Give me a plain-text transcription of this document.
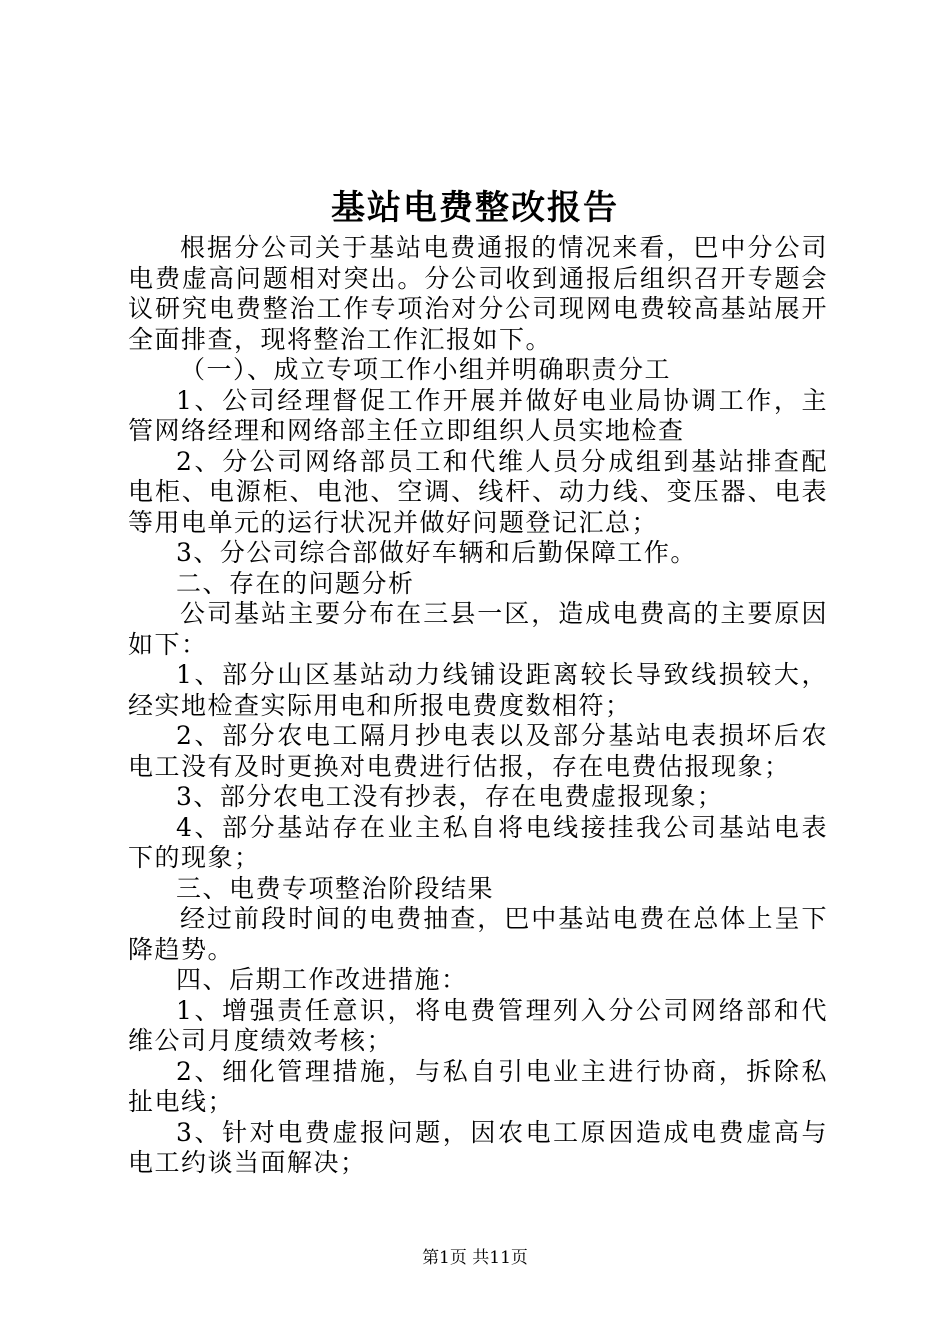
基站电费整改报告

根据分公司关于基站电费通报的情况来看，巴中分公司电费虚高问题相对突出。分公司收到通报后组织召开专题会议研究电费整治工作专项治对分公司现网电费较高基站展开全面排查，现将整治工作汇报如下。

（一）、成立专项工作小组并明确职责分工

1、公司经理督促工作开展并做好电业局协调工作，主管网络经理和网络部主任立即组织人员实地检查

2、分公司网络部员工和代维人员分成组到基站排查配电柜、电源柜、电池、空调、线杆、动力线、变压器、电表等用电单元的运行状况并做好问题登记汇总；

3、分公司综合部做好车辆和后勤保障工作。

二、存在的问题分析

公司基站主要分布在三县一区，造成电费高的主要原因如下：

1、部分山区基站动力线铺设距离较长导致线损较大，经实地检查实际用电和所报电费度数相符；

2、部分农电工隔月抄电表以及部分基站电表损坏后农电工没有及时更换对电费进行估报，存在电费估报现象；

3、部分农电工没有抄表，存在电费虚报现象；

4、部分基站存在业主私自将电线接挂我公司基站电表下的现象；

三、电费专项整治阶段结果

经过前段时间的电费抽查，巴中基站电费在总体上呈下降趋势。

四、后期工作改进措施：

1、增强责任意识，将电费管理列入分公司网络部和代维公司月度绩效考核；

2、细化管理措施，与私自引电业主进行协商，拆除私扯电线；

3、针对电费虚报问题，因农电工原因造成电费虚高与电工约谈当面解决；

第1页 共11页
